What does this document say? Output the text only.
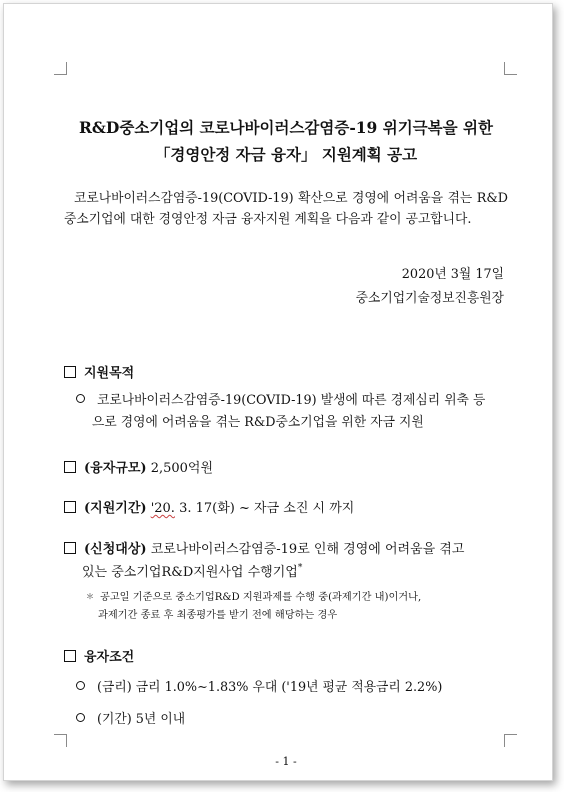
R&D중소기업의 코로나바이러스감염증-19 위기극복을 위한
「경영안정 자금 융자」 지원계획 공고
코로나바이러스감염증-19(COVID-19) 확산으로 경영에 어려움을 겪는 R&D중소기업에 대한 경영안정 자금 융자지원 계획을 다음과 같이 공고합니다.
2020년 3월 17일
중소기업기술정보진흥원장
지원목적
코로나바이러스감염증-19(COVID-19) 발생에 따른 경제심리 위축 등
으로 경영에 어려움을 겪는 R&D중소기업을 위한 자금 지원
(융자규모) 2,500억원
(지원기간) '20. 3. 17(화) ~ 자금 소진 시 까지
(신청대상) 코로나바이러스감염증-19로 인해 경영에 어려움을 겪고
있는 중소기업R&D지원사업 수행기업*
＊ 공고일 기준으로 중소기업R&D 지원과제를 수행 중(과제기간 내)이거나,
과제기간 종료 후 최종평가를 받기 전에 해당하는 경우
융자조건
(금리) 금리 1.0%∼1.83% 우대 ('19년 평균 적용금리 2.2%)
(기간) 5년 이내
- 1 -
